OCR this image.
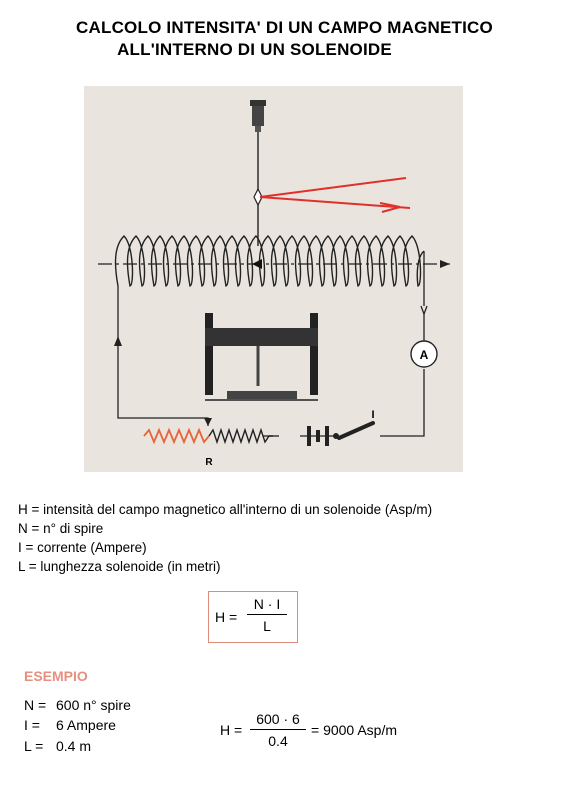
CALCOLO INTENSITA' DI UN CAMPO MAGNETICO
ALL'INTERNO DI UN SOLENOIDE
A
R
I
H = intensità del campo magnetico all'interno di un solenoide (Asp/m)
N = n° di spire
I = corrente (Ampere)
L = lunghezza solenoide (in metri)
H =
N · I
L
ESEMPIO
N = 600 n° spire
I = 6 Ampere
L = 0.4 m
H =
600 · 6
0.4
= 9000 Asp/m
